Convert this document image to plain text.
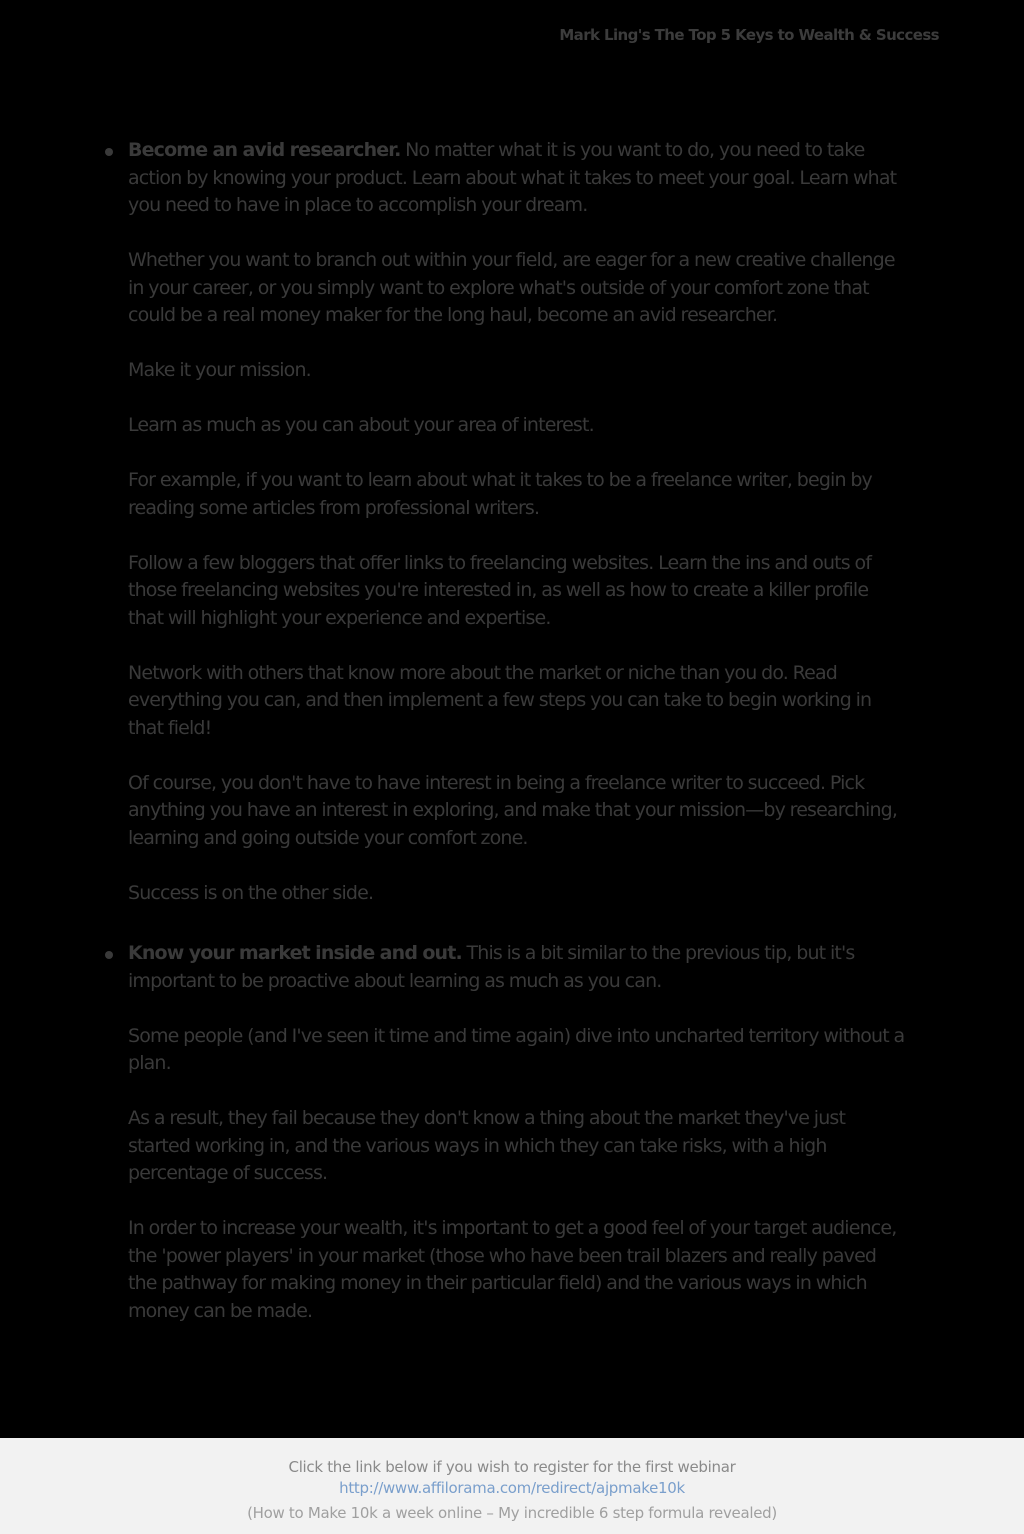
Mark Ling's The Top 5 Keys to Wealth & Success

Become an avid researcher. No matter what it is you want to do, you need to take action by knowing your product. Learn about what it takes to meet your goal. Learn what you need to have in place to accomplish your dream.

Whether you want to branch out within your field, are eager for a new creative challenge in your career, or you simply want to explore what's outside of your comfort zone that could be a real money maker for the long haul, become an avid researcher.

Make it your mission.

Learn as much as you can about your area of interest.

For example, if you want to learn about what it takes to be a freelance writer, begin by reading some articles from professional writers.

Follow a few bloggers that offer links to freelancing websites. Learn the ins and outs of those freelancing websites you're interested in, as well as how to create a killer profile that will highlight your experience and expertise.

Network with others that know more about the market or niche than you do. Read everything you can, and then implement a few steps you can take to begin working in that field!

Of course, you don't have to have interest in being a freelance writer to succeed. Pick anything you have an interest in exploring, and make that your mission—by researching, learning and going outside your comfort zone.

Success is on the other side.

Know your market inside and out. This is a bit similar to the previous tip, but it's important to be proactive about learning as much as you can.

Some people (and I've seen it time and time again) dive into uncharted territory without a plan.

As a result, they fail because they don't know a thing about the market they've just started working in, and the various ways in which they can take risks, with a high percentage of success.

In order to increase your wealth, it's important to get a good feel of your target audience, the 'power players' in your market (those who have been trail blazers and really paved the pathway for making money in their particular field) and the various ways in which money can be made.

Click the link below if you wish to register for the first webinar
http://www.affilorama.com/redirect/ajpmake10k
(How to Make 10k a week online – My incredible 6 step formula revealed)
